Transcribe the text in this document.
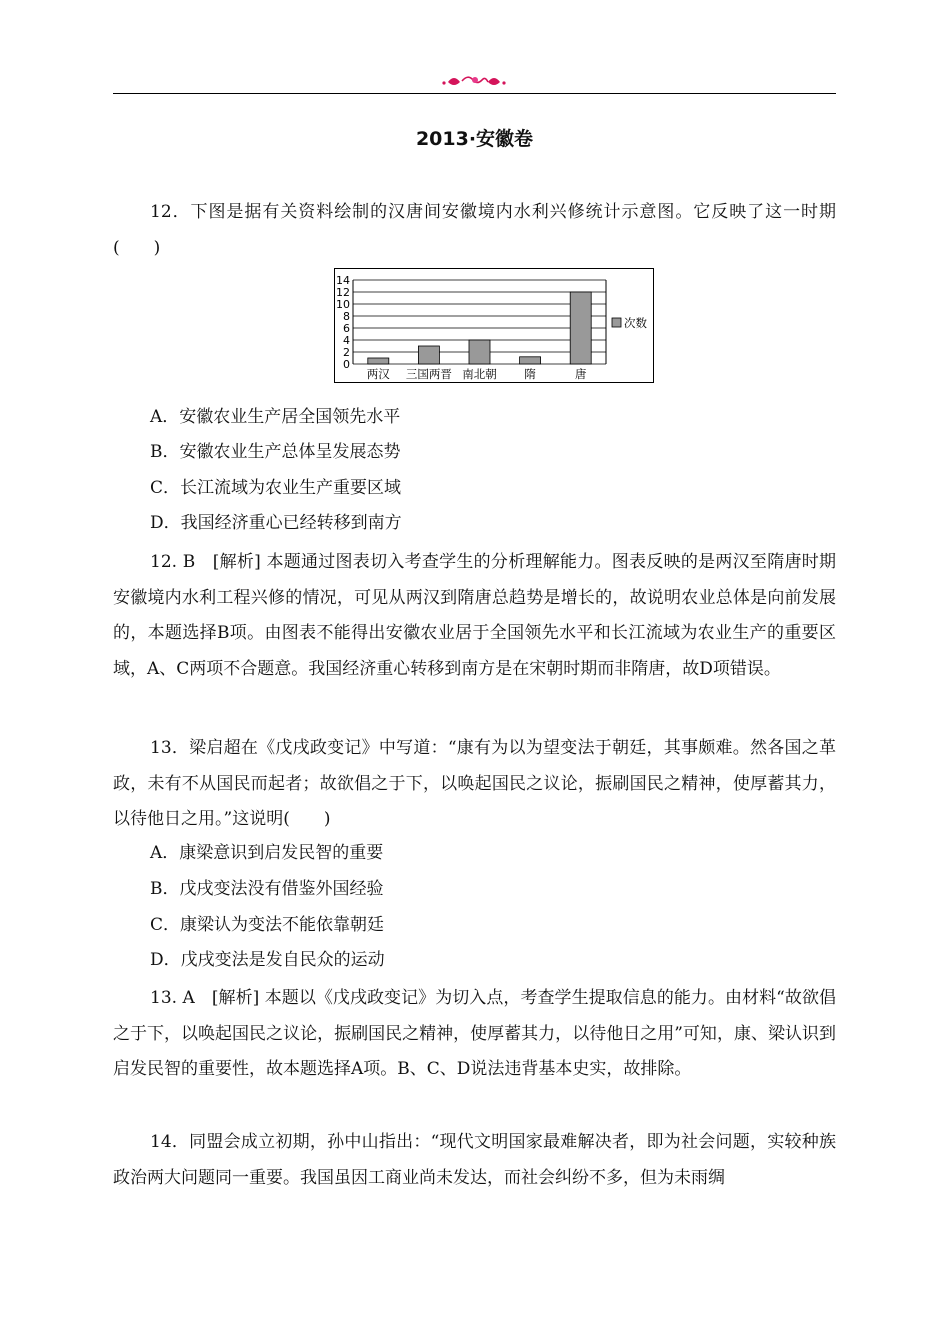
2013·安徽卷
12．下图是据有关资料绘制的汉唐间安徽境内水利兴修统计示意图。它反映了这一时期(　　)
0
2
4
6
8
10
12
14
两汉 三国两晋 南北朝 隋	唐
次数
A．安徽农业生产居全国领先水平
B．安徽农业生产总体呈发展态势
C．长江流域为农业生产重要区域
D．我国经济重心已经转移到南方
12. B　[解析] 本题通过图表切入考查学生的分析理解能力。图表反映的是两汉至隋唐时期安徽境内水利工程兴修的情况，可见从两汉到隋唐总趋势是增长的，故说明农业总体是向前发展的，本题选择B项。由图表不能得出安徽农业居于全国领先水平和长江流域为农业生产的重要区域，A、C两项不合题意。我国经济重心转移到南方是在宋朝时期而非隋唐，故D项错误。
13．梁启超在《戊戌政变记》中写道：“康有为以为望变法于朝廷，其事颇难。然各国之革政，未有不从国民而起者；故欲倡之于下，以唤起国民之议论，振刷国民之精神，使厚蓄其力，以待他日之用。”这说明(　　)
A．康梁意识到启发民智的重要
B．戊戌变法没有借鉴外国经验
C．康梁认为变法不能依靠朝廷
D．戊戌变法是发自民众的运动
13. A　[解析] 本题以《戊戌政变记》为切入点，考查学生提取信息的能力。由材料“故欲倡之于下，以唤起国民之议论，振刷国民之精神，使厚蓄其力，以待他日之用”可知，康、梁认识到启发民智的重要性，故本题选择A项。B、C、D说法违背基本史实，故排除。
14．同盟会成立初期，孙中山指出：“现代文明国家最难解决者，即为社会问题，实较种族政治两大问题同一重要。我国虽因工商业尚未发达，而社会纠纷不多，但为未雨绸
